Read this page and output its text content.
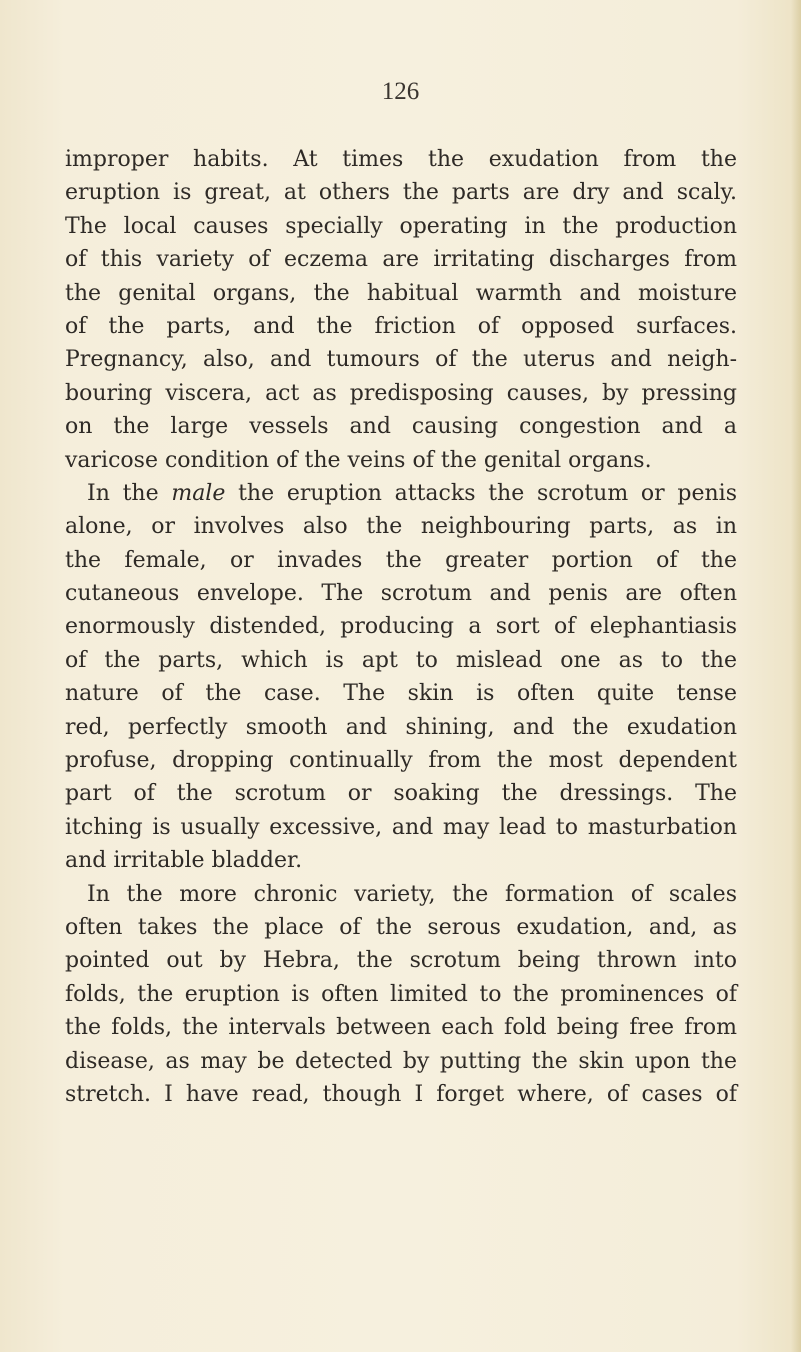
126
improper habits. At times the exudation from the
eruption is great, at others the parts are dry and scaly.
The local causes specially operating in the production
of this variety of eczema are irritating discharges from
the genital organs, the habitual warmth and moisture
of the parts, and the friction of opposed surfaces.
Pregnancy, also, and tumours of the uterus and neigh-
bouring viscera, act as predisposing causes, by pressing
on the large vessels and causing congestion and a
varicose condition of the veins of the genital organs.
In the male the eruption attacks the scrotum or penis
alone, or involves also the neighbouring parts, as in
the female, or invades the greater portion of the
cutaneous envelope. The scrotum and penis are often
enormously distended, producing a sort of elephantiasis
of the parts, which is apt to mislead one as to the
nature of the case. The skin is often quite tense
red, perfectly smooth and shining, and the exudation
profuse, dropping continually from the most dependent
part of the scrotum or soaking the dressings. The
itching is usually excessive, and may lead to masturbation
and irritable bladder.
In the more chronic variety, the formation of scales
often takes the place of the serous exudation, and, as
pointed out by Hebra, the scrotum being thrown into
folds, the eruption is often limited to the prominences of
the folds, the intervals between each fold being free from
disease, as may be detected by putting the skin upon the
stretch. I have read, though I forget where, of cases of
